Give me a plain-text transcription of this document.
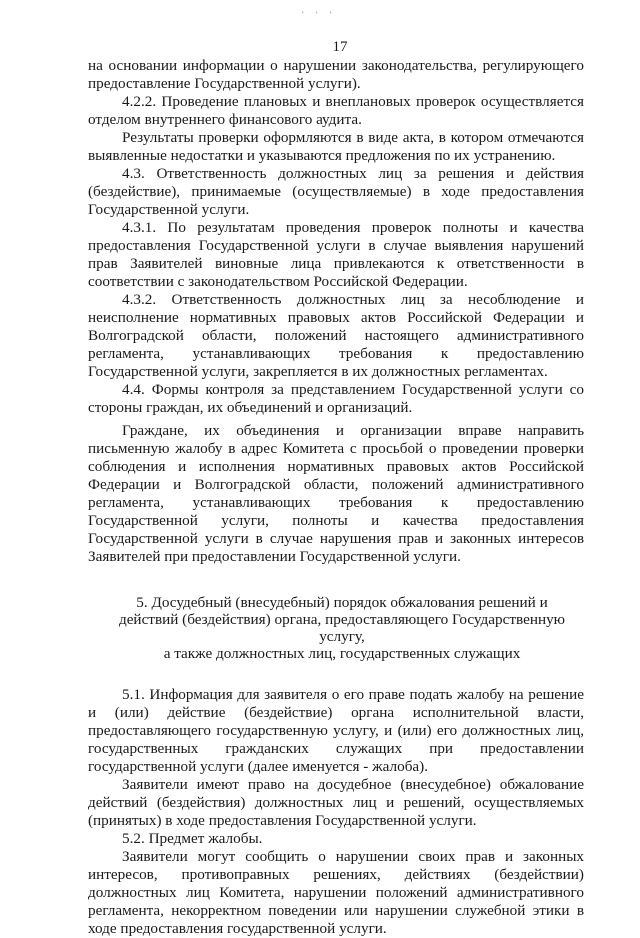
' ' '
17

на основании информации о нарушении законодательства, регулирующего предоставление Государственной услуги).

4.2.2. Проведение плановых и внеплановых проверок осуществляется отделом внутреннего финансового аудита.

Результаты проверки оформляются в виде акта, в котором отмечаются выявленные недостатки и указываются предложения по их устранению.

4.3. Ответственность должностных лиц за решения и действия (бездействие), принимаемые (осуществляемые) в ходе предоставления Государственной услуги.

4.3.1. По результатам проведения проверок полноты и качества предоставления Государственной услуги в случае выявления нарушений прав Заявителей виновные лица привлекаются к ответственности в соответствии с законодательством Российской Федерации.

4.3.2. Ответственность должностных лиц за несоблюдение и неисполнение нормативных правовых актов Российской Федерации и Волгоградской области, положений настоящего административного регламента, устанавливающих требования к предоставлению Государственной услуги, закрепляется в их должностных регламентах.

4.4. Формы контроля за представлением Государственной услуги со стороны граждан, их объединений и организаций.

Граждане, их объединения и организации вправе направить письменную жалобу в адрес Комитета с просьбой о проведении проверки соблюдения и исполнения нормативных правовых актов Российской Федерации и Волгоградской области, положений административного регламента, устанавливающих требования к предоставлению Государственной услуги, полноты и качества предоставления Государственной услуги в случае нарушения прав и законных интересов Заявителей при предоставлении Государственной услуги.

5. Досудебный (внесудебный) порядок обжалования решений и
действий (бездействия) органа, предоставляющего Государственную услугу,
а также должностных лиц, государственных служащих

5.1. Информация для заявителя о его праве подать жалобу на решение и (или) действие (бездействие) органа исполнительной власти, предоставляющего государственную услугу, и (или) его должностных лиц, государственных гражданских служащих при предоставлении государственной услуги (далее именуется - жалоба).

Заявители имеют право на досудебное (внесудебное) обжалование действий (бездействия) должностных лиц и решений, осуществляемых (принятых) в ходе предоставления Государственной услуги.

5.2. Предмет жалобы.

Заявители могут сообщить о нарушении своих прав и законных интересов, противоправных решениях, действиях (бездействии) должностных лиц Комитета, нарушении положений административного регламента, некорректном поведении или нарушении служебной этики в ходе предоставления государственной услуги.
